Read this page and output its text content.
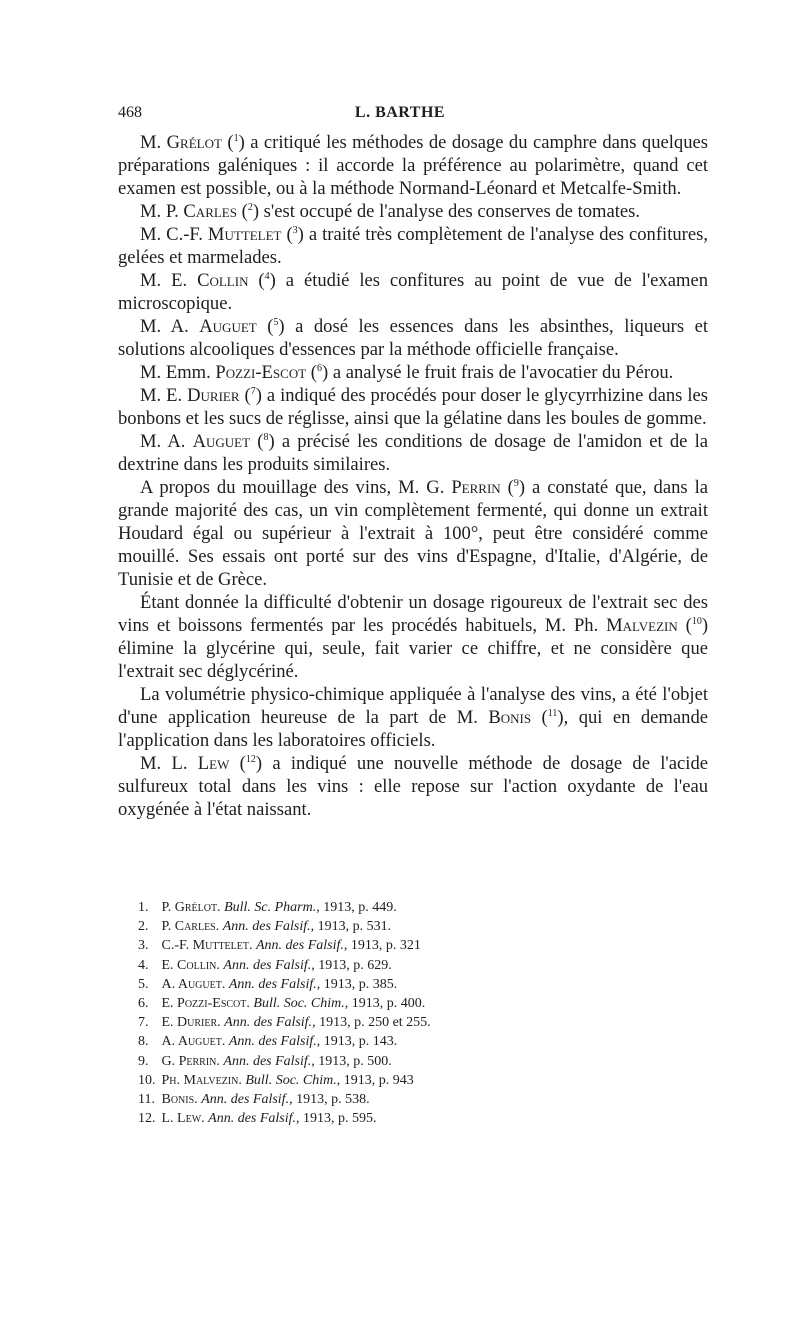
468	L. BARTHE

M. Grélot ($^1$) a critiqué les méthodes de dosage du camphre dans quelques préparations galéniques : il accorde la préférence au polarimètre, quand cet examen est possible, ou à la méthode Normand-Léonard et Metcalfe-Smith.

M. P. Carles ($^2$) s'est occupé de l'analyse des conserves de tomates.

M. C.-F. Muttelet ($^3$) a traité très complètement de l'analyse des confitures, gelées et marmelades.

M. E. Collin ($^4$) a étudié les confitures au point de vue de l'examen microscopique.

M. A. Auguet ($^5$) a dosé les essences dans les absinthes, liqueurs et solutions alcooliques d'essences par la méthode officielle française.

M. Emm. Pozzi-Escot ($^6$) a analysé le fruit frais de l'avocatier du Pérou.

M. E. Durier ($^7$) a indiqué des procédés pour doser le glycyrrhizine dans les bonbons et les sucs de réglisse, ainsi que la gélatine dans les boules de gomme.

M. A. Auguet ($^8$) a précisé les conditions de dosage de l'amidon et de la dextrine dans les produits similaires.

A propos du mouillage des vins, M. G. Perrin ($^9$) a constaté que, dans la grande majorité des cas, un vin complètement fermenté, qui donne un extrait Houdard égal ou supérieur à l'extrait à 100°, peut être considéré comme mouillé. Ses essais ont porté sur des vins d'Espagne, d'Italie, d'Algérie, de Tunisie et de Grèce.

Étant donnée la difficulté d'obtenir un dosage rigoureux de l'extrait sec des vins et boissons fermentés par les procédés habituels, M. Ph. Malvezin ($^{10}$) élimine la glycérine qui, seule, fait varier ce chiffre, et ne considère que l'extrait sec déglycériné.

La volumétrie physico-chimique appliquée à l'analyse des vins, a été l'objet d'une application heureuse de la part de M. Bonis ($^{11}$), qui en demande l'application dans les laboratoires officiels.

M. L. Lew ($^{12}$) a indiqué une nouvelle méthode de dosage de l'acide sulfureux total dans les vins : elle repose sur l'action oxydante de l'eau oxygénée à l'état naissant.

1. P. Grélot. Bull. Sc. Pharm., 1913, p. 449.
2. P. Carles. Ann. des Falsif., 1913, p. 531.
3. C.-F. Muttelet. Ann. des Falsif., 1913, p. 321
4. E. Collin. Ann. des Falsif., 1913, p. 629.
5. A. Auguet. Ann. des Falsif., 1913, p. 385.
6. E. Pozzi-Escot. Bull. Soc. Chim., 1913, p. 400.
7. E. Durier. Ann. des Falsif., 1913, p. 250 et 255.
8. A. Auguet. Ann. des Falsif., 1913, p. 143.
9. G. Perrin. Ann. des Falsif., 1913, p. 500.
10. Ph. Malvezin. Bull. Soc. Chim., 1913, p. 943
11. Bonis. Ann. des Falsif., 1913, p. 538.
12. L. Lew. Ann. des Falsif., 1913, p. 595.
